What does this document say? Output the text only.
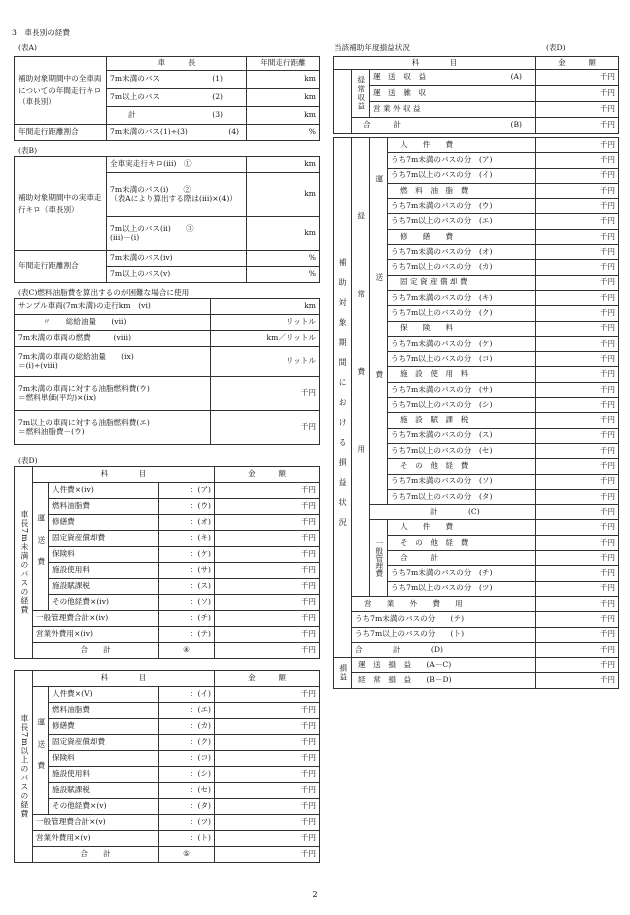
3　車長別の経費
(表A)
補助対象期間中の全車両についての年間走行キロ（車長別）	車　　　長	年間走行距離
	7m未満のバス (1)	km
	7m以上のバス (2)	km
	計 (3)	km
年間走行距離割合	7m未満のバス(1)÷(3) (4)	%
(表B)
補助対象期間中の実車走行キロ（車長別）	全車実走行キロ(iii)　①	km

	7m未満のバス(i)　　②
（表Aにより算出する際は(iii)×(4)）	km

	7m以上のバス(ii)　　③
(iii)－(i)	km
年間走行距離割合	7m未満のバス(iv)	%
	7m以上のバス(v)	%
(表C)燃料油脂費を算出するのが困難な場合に使用
サンプル車両(7m未満)の走行km　(vi)	km
〃　　総給油量　　(vii)	リットル
7m未満の車両の燃費　　　(viii)	km／リットル

7m未満の車両の総給油量　　(ix)
＝(i)÷(viii)	リットル

7m未満の車両に対する油脂燃料費(ウ)
＝燃料単価(平均)×(ix)	千円

7m以上の車両に対する油脂燃料費(エ)
＝燃料油脂費－(ウ)	千円
(表D)
車長7m未満のバスの経費	科　　　　目			金　　　額
	運送費	人件費×(iv)	：(ア)	千円
		燃料油脂費	：(ウ)	千円
		修繕費	：(オ)	千円
		固定資産償却費	：(キ)	千円
		保険料	：(ケ)	千円
		施設使用料	：(サ)	千円
		施設賦課税	：(ス)	千円
		その他経費×(iv)	：(ソ)	千円
	一般管理費合計×(iv)		：(チ)	千円
	営業外費用×(iv)		：(テ)	千円
	合　　計		④	千円
車長7m以上のバスの経費	科　　　　目			金　　　額
	運送費	人件費×(V)	：(イ)	千円
		燃料油脂費	：(エ)	千円
		修繕費	：(カ)	千円
		固定資産償却費	：(ク)	千円
		保険料	：(コ)	千円
		施設使用料	：(シ)	千円
		施設賦課税	：(セ)	千円
		その他経費×(v)	：(タ)	千円
	一般管理費合計×(v)		：(ツ)	千円
	営業外費用×(v)		：(ト)	千円
	合　　計		⑤	千円
当該補助年度損益状況	(表D)
科　　　　目			金　　　額
	経常収益	運　送　収　益 (A)	千円
		運　送　雑　収	千円
		営 業 外 収 益	千円
	合　　　計 (B)		千円
補助対象期間における損益状況	経常費用	運送費	人　　件　　費	千円
			うち7m未満のバスの分　(ア)	千円
			うち7m以上のバスの分　(イ)	千円
			燃　料　油　脂　費	千円
			うち7m未満のバスの分　(ウ)	千円
			うち7m以上のバスの分　(エ)	千円
			修　　繕　　費	千円
			うち7m未満のバスの分　(オ)	千円
			うち7m以上のバスの分　(カ)	千円
			固 定 資 産 償 却 費	千円
			うち7m未満のバスの分　(キ)	千円
			うち7m以上のバスの分　(ク)	千円
			保　　険　　料	千円
			うち7m未満のバスの分　(ケ)	千円
			うち7m以上のバスの分　(コ)	千円
			施　設　使　用　料	千円
			うち7m未満のバスの分　(サ)	千円
			うち7m以上のバスの分　(シ)	千円
			施　設　賦　課　税	千円
			うち7m未満のバスの分　(ス)	千円
			うち7m以上のバスの分　(セ)	千円
			そ　の　他　経　費	千円
			うち7m未満のバスの分　(ソ)	千円
			うち7m以上のバスの分　(タ)	千円
		計　　　　(C)		千円
		一般管理費	人　　件　　費	千円
			そ　の　他　経　費	千円
			合　　　計	千円
			うち7m未満のバスの分　(チ)	千円
			うち7m以上のバスの分　(ツ)	千円
	営　　業　　外　　費　　用			千円
	うち7m未満のバスの分　　(テ)			千円
	うち7m以上のバスの分　　(ト)			千円
	合　　　　計　　　　(D)			千円
損益	運　送　損　益　　(A－C)			千円
	経　常　損　益　　(B－D)			千円
2
